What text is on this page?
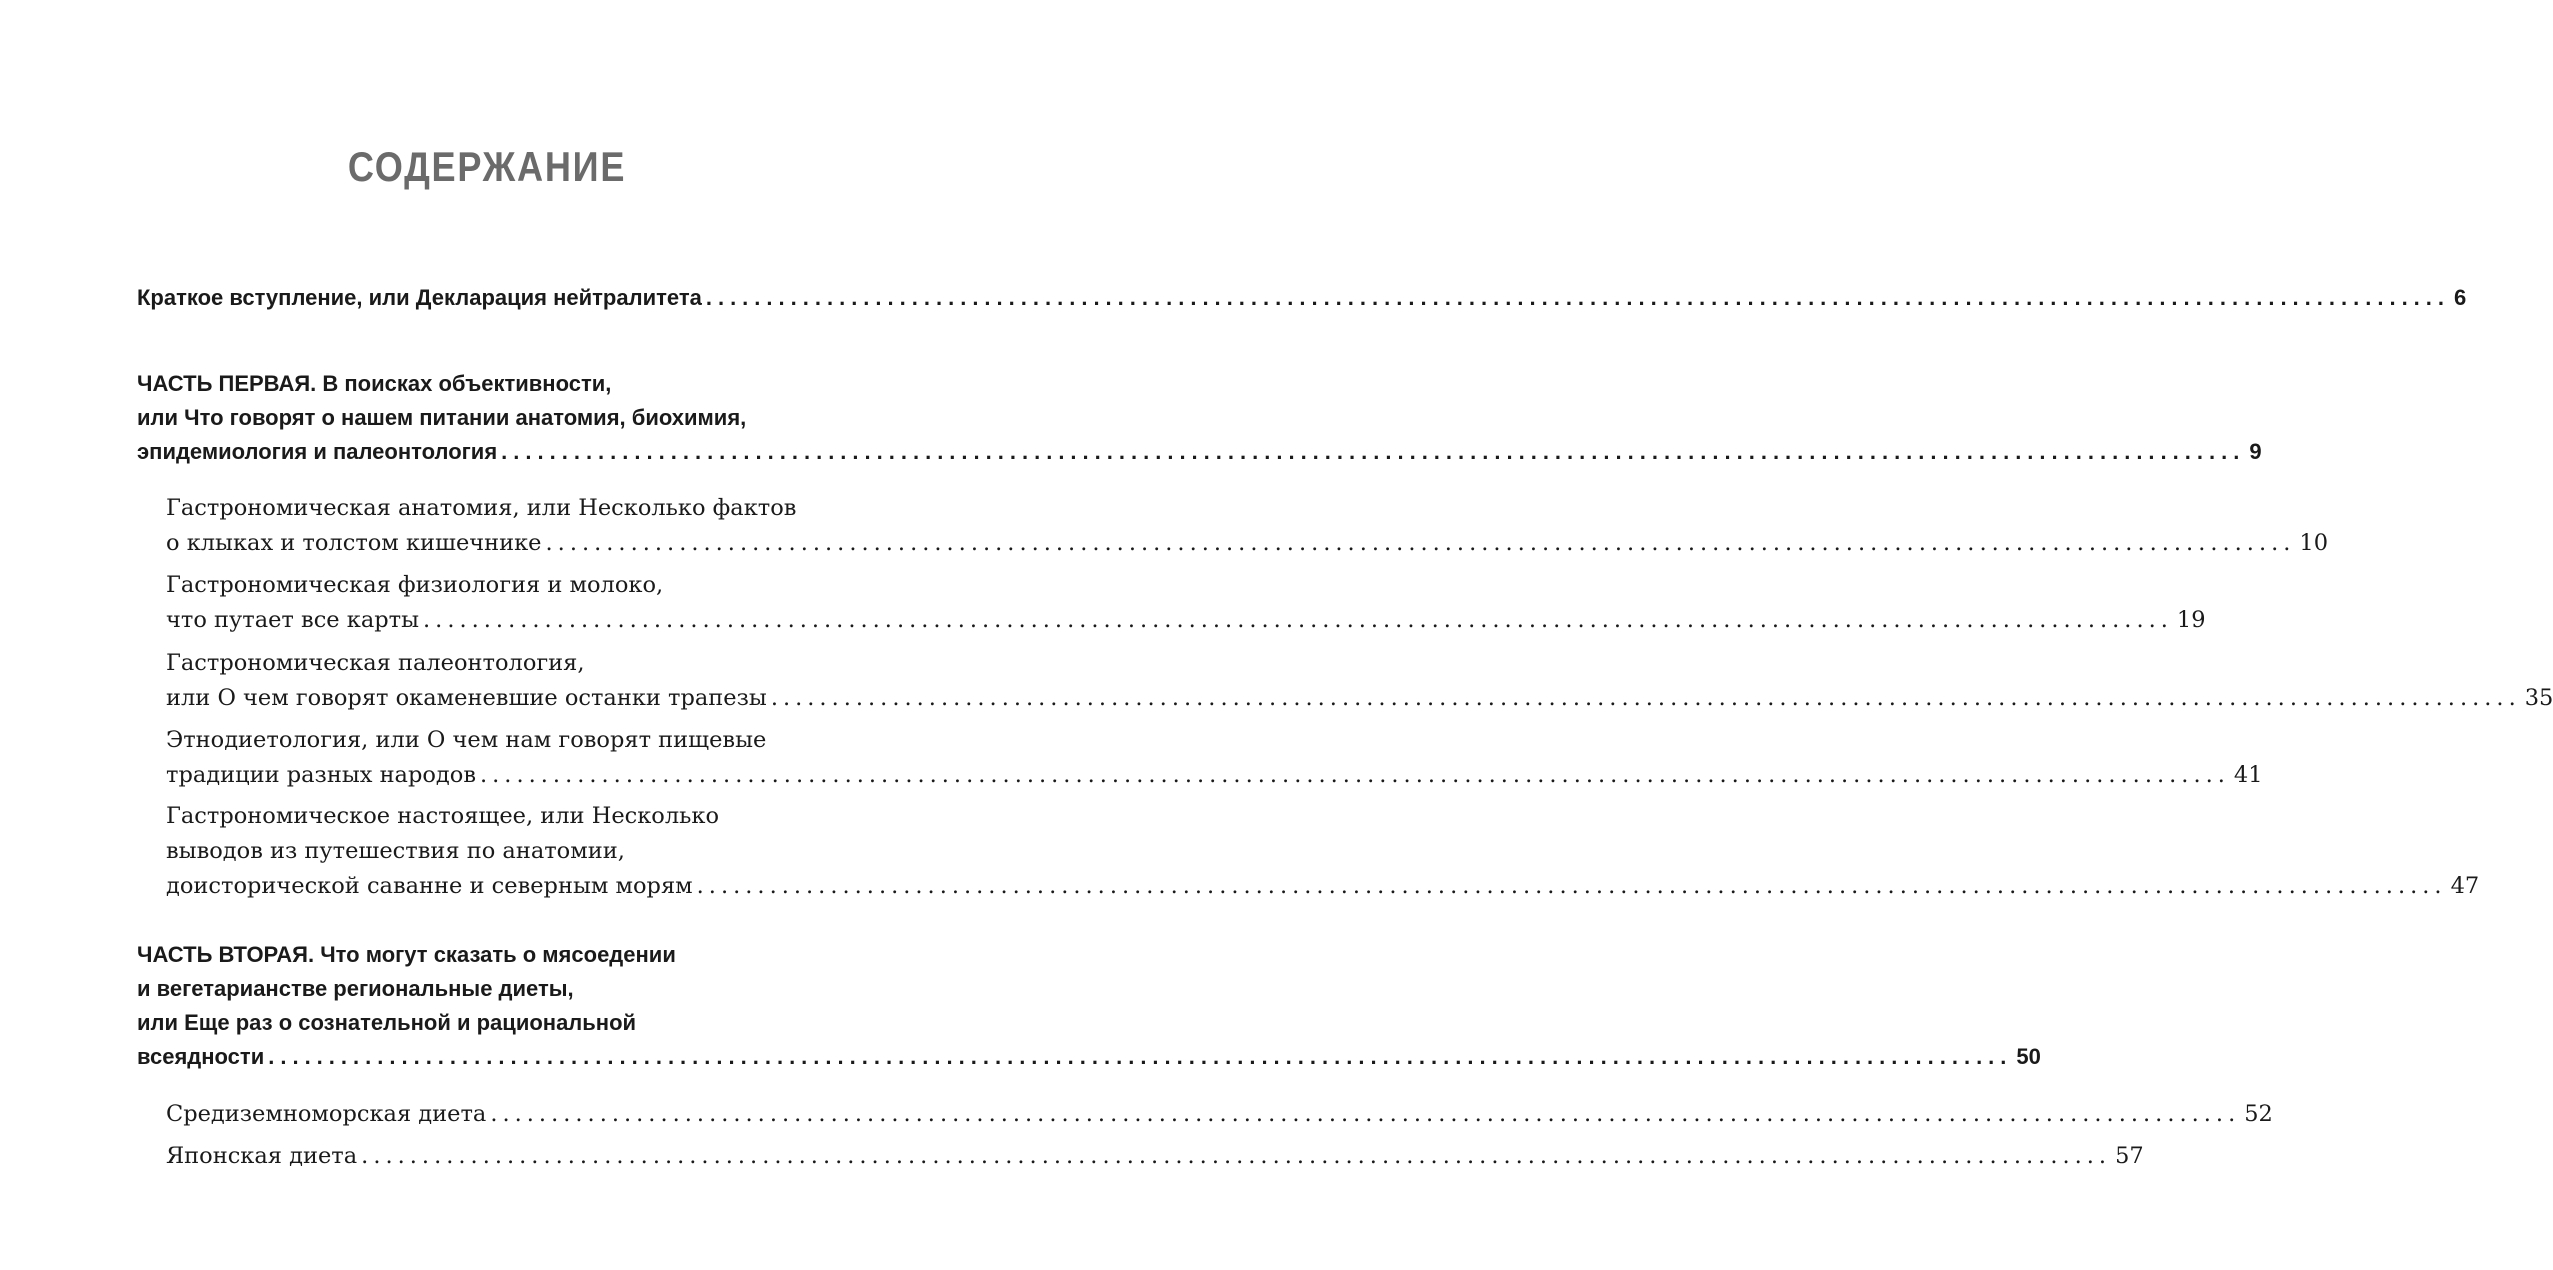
СОДЕРЖАНИЕ
Краткое вступление, или Декларация нейтралитета ................................................................................................................................................ 6
ЧАСТЬ ПЕРВАЯ. В поисках объективности,
или Что говорят о нашем питании анатомия, биохимия,
эпидемиология и палеонтология ................................................................................................................................................ 9
Гастрономическая анатомия, или Несколько фактов
о клыках и толстом кишечнике ................................................................................................................................................ 10
Гастрономическая физиология и молоко,
что путает все карты ................................................................................................................................................ 19
Гастрономическая палеонтология,
или О чем говорят окаменевшие останки трапезы ................................................................................................................................................ 35
Этнодиетология, или О чем нам говорят пищевые
традиции разных народов ................................................................................................................................................ 41
Гастрономическое настоящее, или Несколько
выводов из путешествия по анатомии,
доисторической саванне и северным морям ................................................................................................................................................ 47
ЧАСТЬ ВТОРАЯ. Что могут сказать о мясоедении
и вегетарианстве региональные диеты,
или Еще раз о сознательной и рациональной
всеядности ................................................................................................................................................ 50
Средиземноморская диета ................................................................................................................................................ 52
Японская диета ................................................................................................................................................ 57
